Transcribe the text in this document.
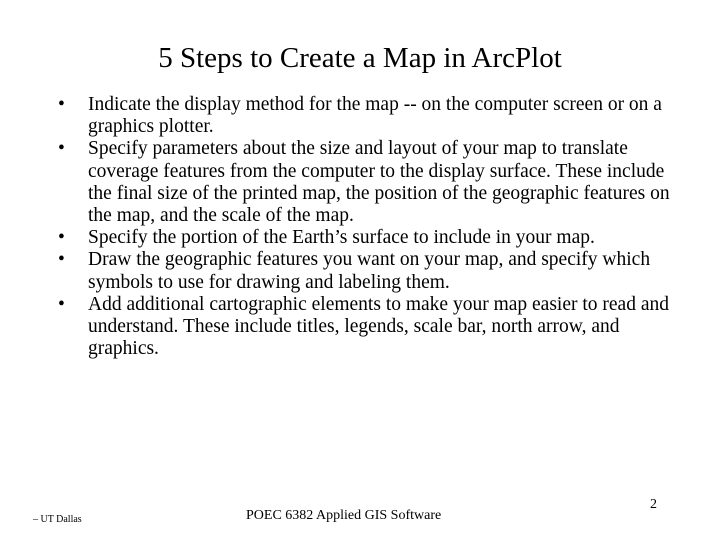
5 Steps to Create a Map in ArcPlot
•	Indicate the display method for the map -- on the computer screen or on a graphics plotter.
•	Specify parameters about the size and layout of your map to translate coverage features from the computer to the display surface. These include the final size of the printed map, the position of the geographic features on the map, and the scale of the map.
•	Specify the portion of the Earth’s surface to include in your map.
•	Draw the geographic features you want on your map, and specify which symbols to use for drawing and labeling them.
•	Add additional cartographic elements to make your map easier to read and understand. These include titles, legends, scale bar, north arrow, and graphics.
– UT Dallas	POEC 6382 Applied GIS Software
2
